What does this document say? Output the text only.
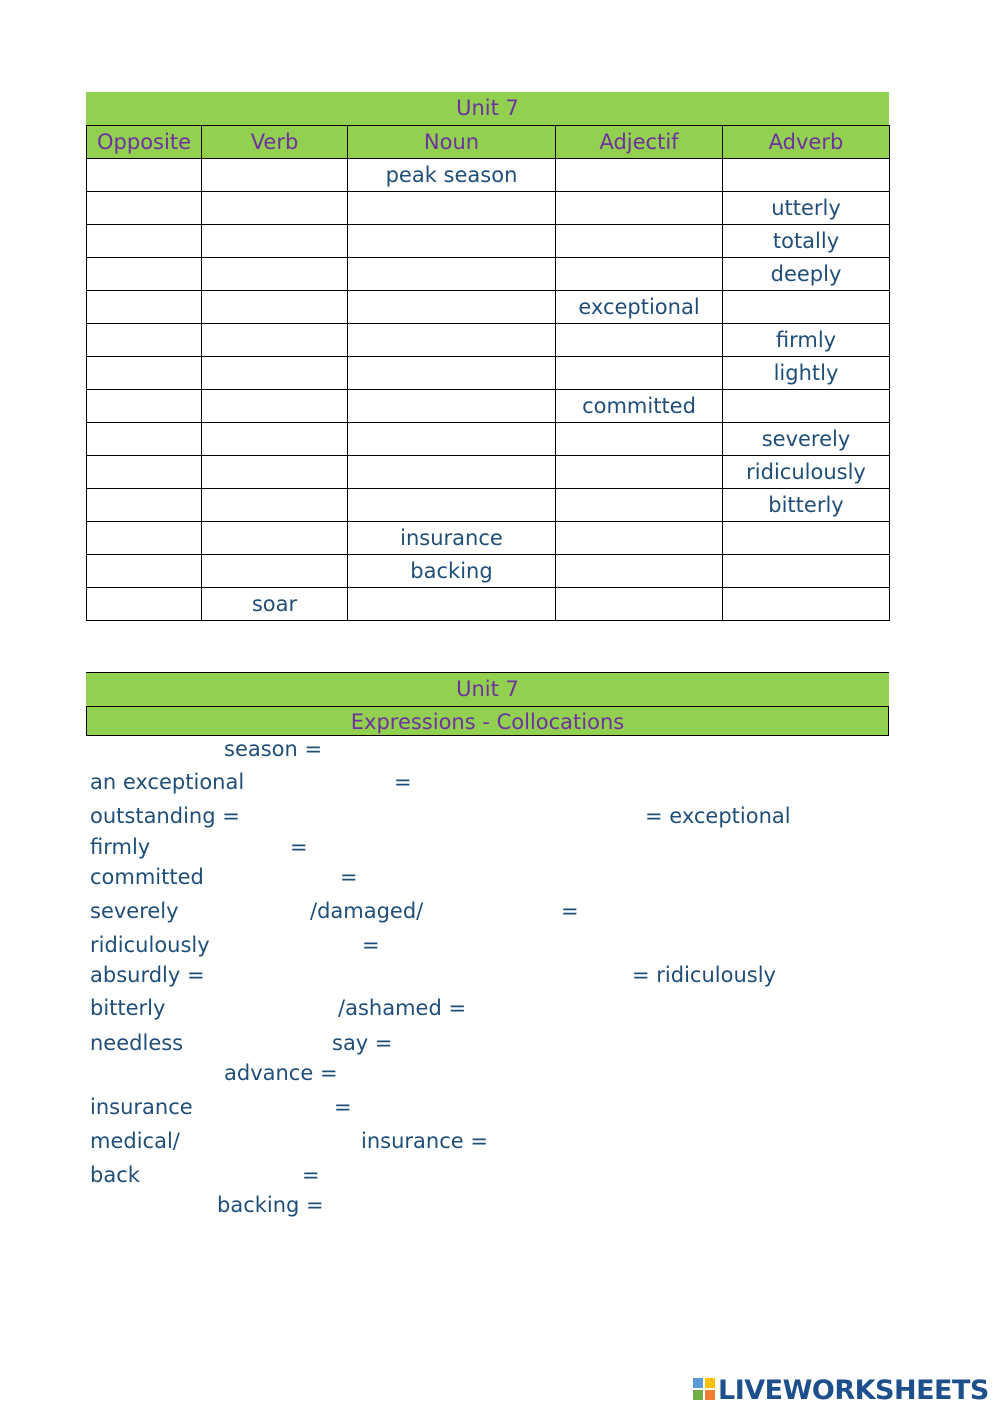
Unit 7
Opposite	Verb	Noun	Adjectif	Adverb
		peak season		
				utterly
				totally
				deeply
			exceptional	
				firmly
				lightly
			committed	
				severely
				ridiculously
				bitterly
		insurance		
		backing		
	soar			
Unit 7
Expressions - Collocations
season =
an exceptional	=
outstanding =	= exceptional
firmly	=
committed	=
severely	/damaged/	=
ridiculously	=
absurdly =	= ridiculously
bitterly	/ashamed =
needless	say =
advance =
insurance	=
medical/	insurance =
back	=
backing =
LIVEWORKSHEETS
